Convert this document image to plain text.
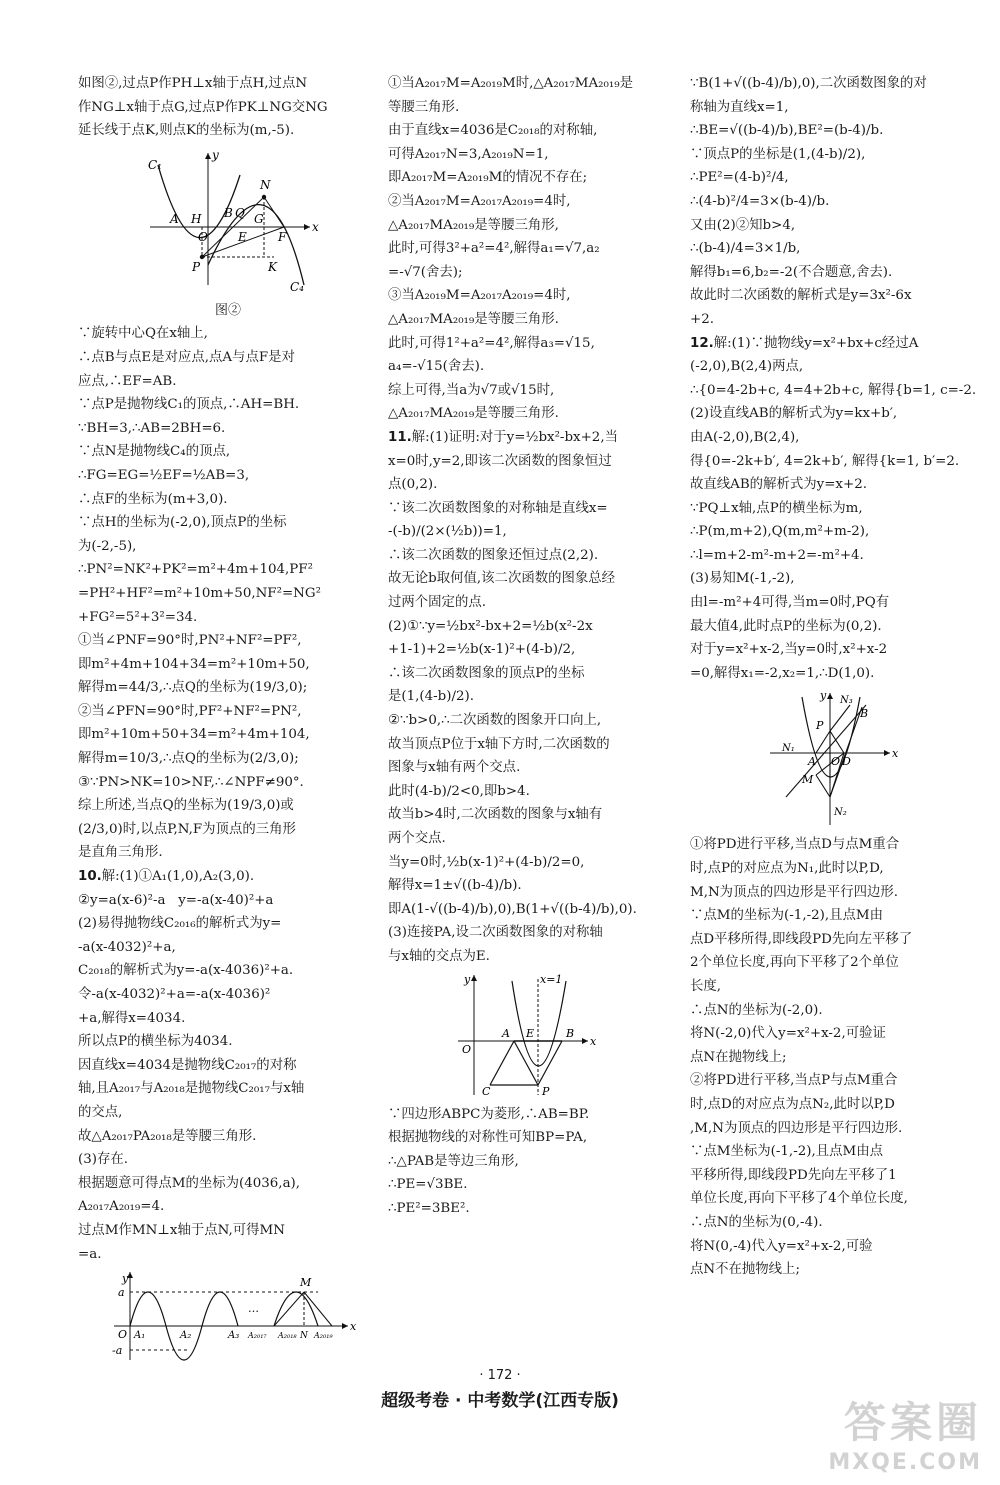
如图②,过点P作PH⊥x轴于点H,过点N

作NG⊥x轴于点G,过点P作PK⊥NG交NG

延长线于点K,则点K的坐标为(m,-5).

C₁
y
N
A H B Q
O	E
G
F
x
P	K
C₄

图②

∵旋转中心Q在x轴上,

∴点B与点E是对应点,点A与点F是对

应点,∴EF=AB.

∵点P是抛物线C₁的顶点,∴AH=BH.

∵BH=3,∴AB=2BH=6.

∵点N是抛物线C₄的顶点,

∴FG=EG=½EF=½AB=3,

∴点F的坐标为(m+3,0).

∵点H的坐标为(-2,0),顶点P的坐标

为(-2,-5),

∴PN²=NK²+PK²=m²+4m+104,PF²

=PH²+HF²=m²+10m+50,NF²=NG²

+FG²=5²+3²=34.

①当∠PNF=90°时,PN²+NF²=PF²,

即m²+4m+104+34=m²+10m+50,

解得m=44/3,∴点Q的坐标为(19/3,0);

②当∠PFN=90°时,PF²+NF²=PN²,

即m²+10m+50+34=m²+4m+104,

解得m=10/3,∴点Q的坐标为(2/3,0);

③∵PN>NK=10>NF,∴∠NPF≠90°.

综上所述,当点Q的坐标为(19/3,0)或

(2/3,0)时,以点P,N,F为顶点的三角形

是直角三角形.

10.解:(1)①A₁(1,0),A₂(3,0).

②y=a(x-6)²-a   y=-a(x-40)²+a

(2)易得抛物线C₂₀₁₆的解析式为y=

-a(x-4032)²+a,

C₂₀₁₈的解析式为y=-a(x-4036)²+a.

令-a(x-4032)²+a=-a(x-4036)²

+a,解得x=4034.

所以点P的横坐标为4034.

因直线x=4034是抛物线C₂₀₁₇的对称

轴,且A₂₀₁₇与A₂₀₁₈是抛物线C₂₀₁₇与x轴

的交点,

故△A₂₀₁₇PA₂₀₁₈是等腰三角形.

(3)存在.

根据题意可得点M的坐标为(4036,a),

A₂₀₁₇A₂₀₁₉=4.

过点M作MN⊥x轴于点N,可得MN

=a.

y
a
M
O A₁	A₂	A₃
…
A₂₀₁₇ A₂₀₁₈ N A₂₀₁₉
x
-a

①当A₂₀₁₇M=A₂₀₁₉M时,△A₂₀₁₇MA₂₀₁₉是

等腰三角形.

由于直线x=4036是C₂₀₁₈的对称轴,

可得A₂₀₁₇N=3,A₂₀₁₉N=1,

即A₂₀₁₇M=A₂₀₁₉M的情况不存在;

②当A₂₀₁₇M=A₂₀₁₇A₂₀₁₉=4时,

△A₂₀₁₇MA₂₀₁₉是等腰三角形,

此时,可得3²+a²=4²,解得a₁=√7,a₂

=-√7(舍去);

③当A₂₀₁₉M=A₂₀₁₇A₂₀₁₉=4时,

△A₂₀₁₇MA₂₀₁₉是等腰三角形.

此时,可得1²+a²=4²,解得a₃=√15,

a₄=-√15(舍去).

综上可得,当a为√7或√15时,

△A₂₀₁₇MA₂₀₁₉是等腰三角形.

11.解:(1)证明:对于y=½bx²-bx+2,当

x=0时,y=2,即该二次函数的图象恒过

点(0,2).

∵该二次函数图象的对称轴是直线x=

-(-b)/(2×(½b))=1,

∴该二次函数的图象还恒过点(2,2).

故无论b取何值,该二次函数的图象总经

过两个固定的点.

(2)①∵y=½bx²-bx+2=½b(x²-2x

+1-1)+2=½b(x-1)²+(4-b)/2,

∴该二次函数图象的顶点P的坐标

是(1,(4-b)/2).

②∵b>0,∴二次函数的图象开口向上,

故当顶点P位于x轴下方时,二次函数的

图象与x轴有两个交点.

此时(4-b)/2<0,即b>4.

故当b>4时,二次函数的图象与x轴有

两个交点.

当y=0时,½b(x-1)²+(4-b)/2=0,

解得x=1±√((b-4)/b).

即A(1-√((b-4)/b),0),B(1+√((b-4)/b),0).

(3)连接PA,设二次函数图象的对称轴

与x轴的交点为E.

y	x=1
O
A E	B
x
C	P

∵四边形ABPC为菱形,∴AB=BP.

根据抛物线的对称性可知BP=PA,

∴△PAB是等边三角形,

∴PE=√3BE.

∴PE²=3BE².

∵B(1+√((b-4)/b),0),二次函数图象的对

称轴为直线x=1,

∴BE=√((b-4)/b),BE²=(b-4)/b.

∵顶点P的坐标是(1,(4-b)/2),

∴PE²=(4-b)²/4,

∴(4-b)²/4=3×(b-4)/b.

又由(2)②知b>4,

∴(b-4)/4=3×1/b,

解得b₁=6,b₂=-2(不合题意,舍去).

故此时二次函数的解析式是y=3x²-6x

+2.

12.解:(1)∵抛物线y=x²+bx+c经过A

(-2,0),B(2,4)两点,

∴{0=4-2b+c, 4=4+2b+c, 解得{b=1, c=-2.

(2)设直线AB的解析式为y=kx+b′,

由A(-2,0),B(2,4),

得{0=-2k+b′, 4=2k+b′, 解得{k=1, b′=2.

故直线AB的解析式为y=x+2.

∵PQ⊥x轴,点P的横坐标为m,

∴P(m,m+2),Q(m,m²+m-2),

∴l=m+2-m²-m+2=-m²+4.

(3)易知M(-1,-2),

由l=-m²+4可得,当m=0时,PQ有

最大值4,此时点P的坐标为(0,2).

对于y=x²+x-2,当y=0时,x²+x-2

=0,解得x₁=-2,x₂=1,∴D(1,0).

y N₃
B
P
N₁
A O D
x
M
N₂

①将PD进行平移,当点D与点M重合

时,点P的对应点为N₁,此时以P,D,

M,N为顶点的四边形是平行四边形.

∵点M的坐标为(-1,-2),且点M由

点D平移所得,即线段PD先向左平移了

2个单位长度,再向下平移了2个单位

长度,

∴点N的坐标为(-2,0).

将N(-2,0)代入y=x²+x-2,可验证

点N在抛物线上;

②将PD进行平移,当点P与点M重合

时,点D的对应点为点N₂,此时以P,D

,M,N为顶点的四边形是平行四边形.

∵点M坐标为(-1,-2),且点M由点

平移所得,即线段PD先向左平移了1

单位长度,再向下平移了4个单位长度,

∴点N的坐标为(0,-4).

将N(0,-4)代入y=x²+x-2,可验

点N不在抛物线上;

· 172 ·
超级考卷 · 中考数学(江西专版)	答案圈
MXQE.COM
